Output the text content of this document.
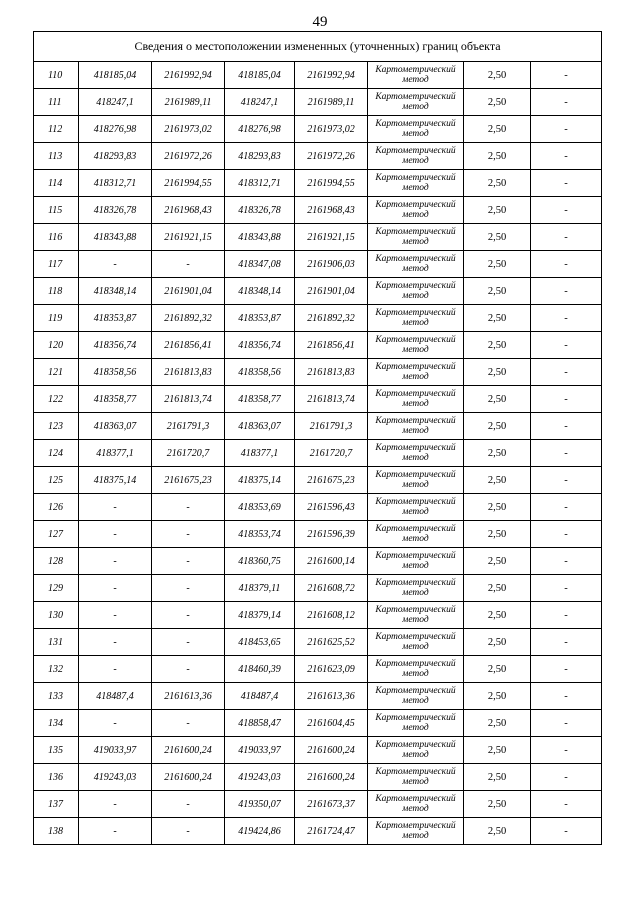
49
Сведения о местоположении измененных (уточненных) границ объекта							
110	418185,04	2161992,94	418185,04	2161992,94	Картометрический метод	2,50	-
111	418247,1	2161989,11	418247,1	2161989,11	Картометрический метод	2,50	-
112	418276,98	2161973,02	418276,98	2161973,02	Картометрический метод	2,50	-
113	418293,83	2161972,26	418293,83	2161972,26	Картометрический метод	2,50	-
114	418312,71	2161994,55	418312,71	2161994,55	Картометрический метод	2,50	-
115	418326,78	2161968,43	418326,78	2161968,43	Картометрический метод	2,50	-
116	418343,88	2161921,15	418343,88	2161921,15	Картометрический метод	2,50	-
117	-	-	418347,08	2161906,03	Картометрический метод	2,50	-
118	418348,14	2161901,04	418348,14	2161901,04	Картометрический метод	2,50	-
119	418353,87	2161892,32	418353,87	2161892,32	Картометрический метод	2,50	-
120	418356,74	2161856,41	418356,74	2161856,41	Картометрический метод	2,50	-
121	418358,56	2161813,83	418358,56	2161813,83	Картометрический метод	2,50	-
122	418358,77	2161813,74	418358,77	2161813,74	Картометрический метод	2,50	-
123	418363,07	2161791,3	418363,07	2161791,3	Картометрический метод	2,50	-
124	418377,1	2161720,7	418377,1	2161720,7	Картометрический метод	2,50	-
125	418375,14	2161675,23	418375,14	2161675,23	Картометрический метод	2,50	-
126	-	-	418353,69	2161596,43	Картометрический метод	2,50	-
127	-	-	418353,74	2161596,39	Картометрический метод	2,50	-
128	-	-	418360,75	2161600,14	Картометрический метод	2,50	-
129	-	-	418379,11	2161608,72	Картометрический метод	2,50	-
130	-	-	418379,14	2161608,12	Картометрический метод	2,50	-
131	-	-	418453,65	2161625,52	Картометрический метод	2,50	-
132	-	-	418460,39	2161623,09	Картометрический метод	2,50	-
133	418487,4	2161613,36	418487,4	2161613,36	Картометрический метод	2,50	-
134	-	-	418858,47	2161604,45	Картометрический метод	2,50	-
135	419033,97	2161600,24	419033,97	2161600,24	Картометрический метод	2,50	-
136	419243,03	2161600,24	419243,03	2161600,24	Картометрический метод	2,50	-
137	-	-	419350,07	2161673,37	Картометрический метод	2,50	-
138	-	-	419424,86	2161724,47	Картометрический метод	2,50	-
